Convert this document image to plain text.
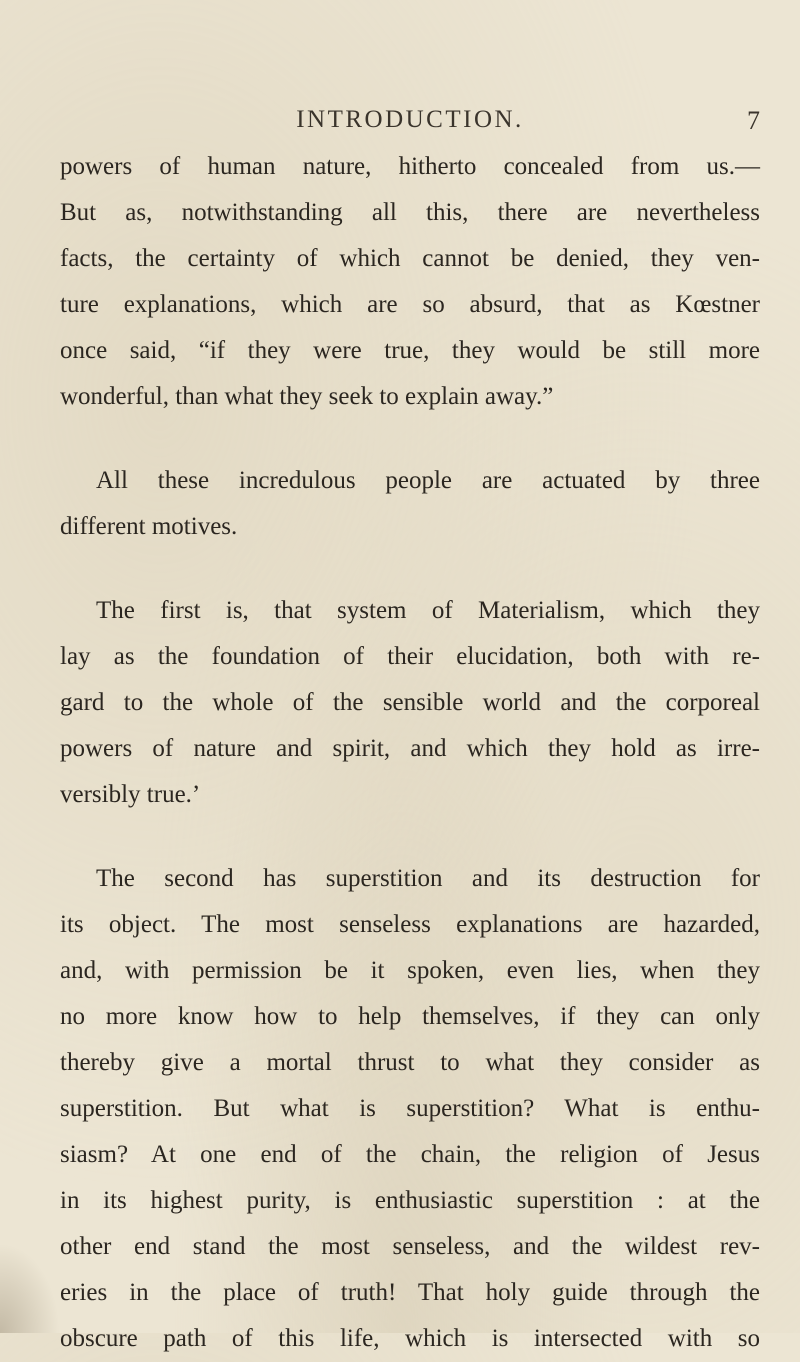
INTRODUCTION.	7

powers of human nature, hitherto concealed from us.—
But as, notwithstanding all this, there are nevertheless
facts, the certainty of which cannot be denied, they ven-
ture explanations, which are so absurd, that as Kœstner
once said, “if they were true, they would be still more
wonderful, than what they seek to explain away.”

All these incredulous people are actuated by three
different motives.

The first is, that system of Materialism, which they
lay as the foundation of their elucidation, both with re-
gard to the whole of the sensible world and the corporeal
powers of nature and spirit, and which they hold as irre-
versibly true.’

The second has superstition and its destruction for
its object. The most senseless explanations are hazarded,
and, with permission be it spoken, even lies, when they
no more know how to help themselves, if they can only
thereby give a mortal thrust to what they consider as
superstition. But what is superstition? What is enthu-
siasm? At one end of the chain, the religion of Jesus
in its highest purity, is enthusiastic superstition : at the
other end stand the most senseless, and the wildest rev-
eries in the place of truth! That holy guide through the
obscure path of this life, which is intersected with so
